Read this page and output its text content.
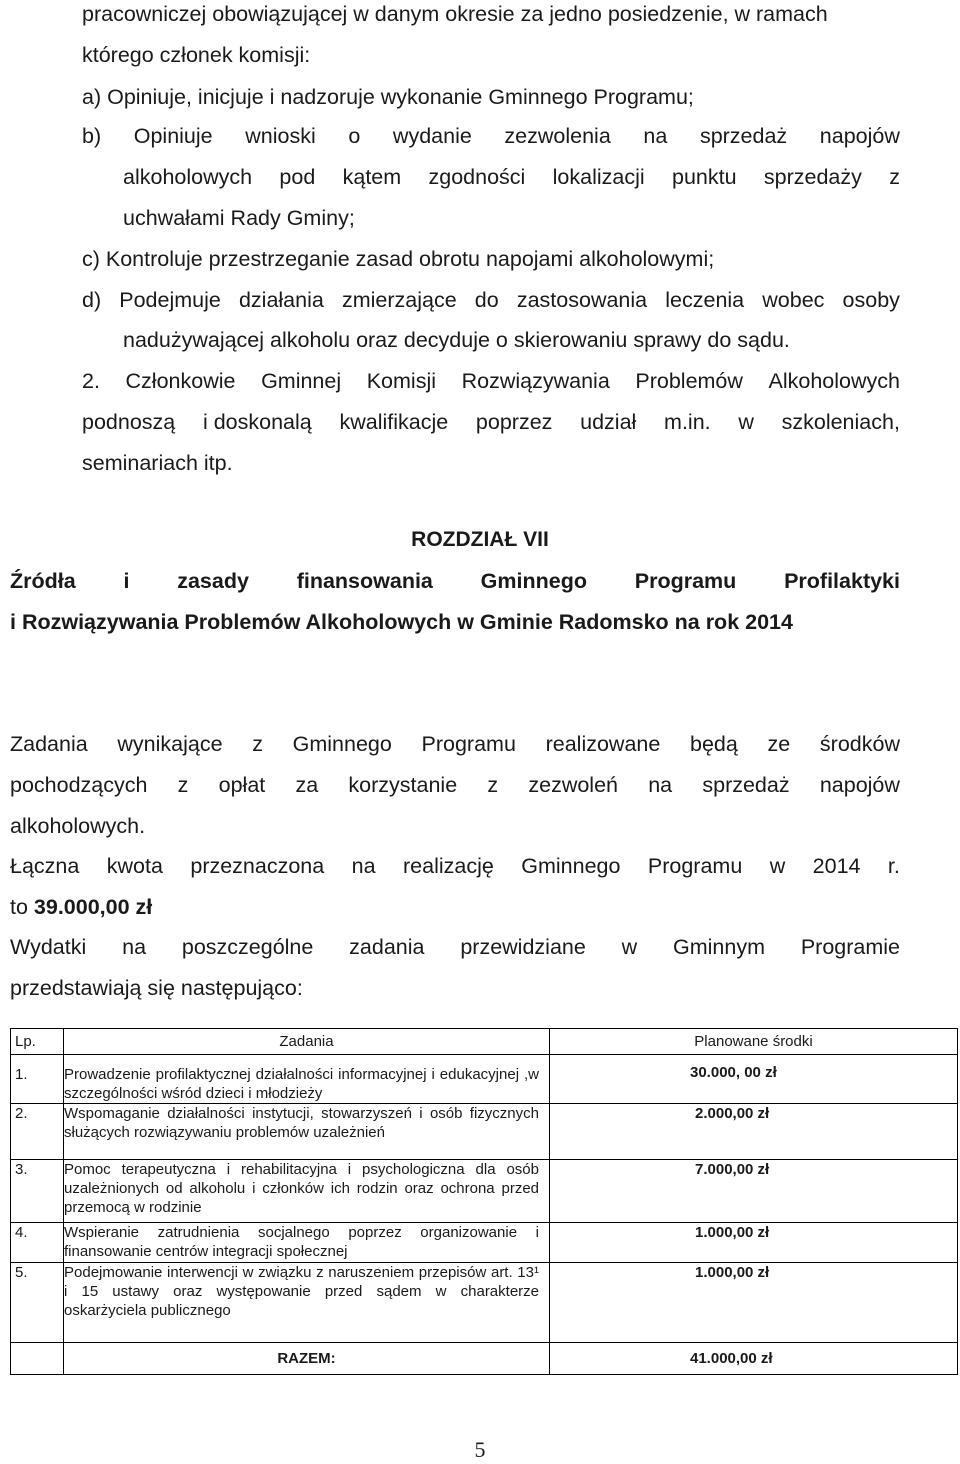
pracowniczej obowiązującej w danym okresie za jedno posiedzenie, w ramach
którego członek komisji:
a) Opiniuje, inicjuje i nadzoruje wykonanie Gminnego Programu;
b) Opiniuje wnioski o wydanie zezwolenia na sprzedaż napojów
alkoholowych pod kątem zgodności lokalizacji punktu sprzedaży z
uchwałami Rady Gminy;
c) Kontroluje przestrzeganie zasad obrotu napojami alkoholowymi;
d) Podejmuje działania zmierzające do zastosowania leczenia wobec osoby
nadużywającej alkoholu oraz decyduje o skierowaniu sprawy do sądu.
2. Członkowie Gminnej Komisji Rozwiązywania Problemów Alkoholowych
podnoszą i doskonalą kwalifikacje poprzez udział m.in. w szkoleniach,
seminariach itp.
ROZDZIAŁ VII
Źródła i zasady finansowania Gminnego Programu Profilaktyki
i Rozwiązywania Problemów Alkoholowych w Gminie Radomsko na rok 2014
Zadania wynikające z Gminnego Programu realizowane będą ze środków
pochodzących z opłat za korzystanie z zezwoleń na sprzedaż napojów
alkoholowych.
Łączna kwota przeznaczona na realizację Gminnego Programu w 2014 r.
to 39.000,00 zł
Wydatki na poszczególne zadania przewidziane w Gminnym Programie
przedstawiają się następująco:
Lp.	Zadania	Planowane środki
1.	Prowadzenie profilaktycznej działalności informacyjnej i edukacyjnej ,w szczególności wśród dzieci i młodzieży	30.000, 00 zł

2.	Wspomaganie działalności instytucji, stowarzyszeń i osób fizycznych służących rozwiązywaniu problemów uzależnień	2.000,00 zł

3.	Pomoc terapeutyczna i rehabilitacyjna i psychologiczna dla osób uzależnionych od alkoholu i członków ich rodzin oraz ochrona przed przemocą w rodzinie	7.000,00 zł

4.	Wspieranie zatrudnienia socjalnego poprzez organizowanie i finansowanie centrów integracji społecznej	1.000,00 zł

5.	Podejmowanie interwencji w związku z naruszeniem przepisów art. 13¹ i 15 ustawy oraz występowanie przed sądem w charakterze oskarżyciela publicznego	1.000,00 zł

	RAZEM:	41.000,00 zł
5
